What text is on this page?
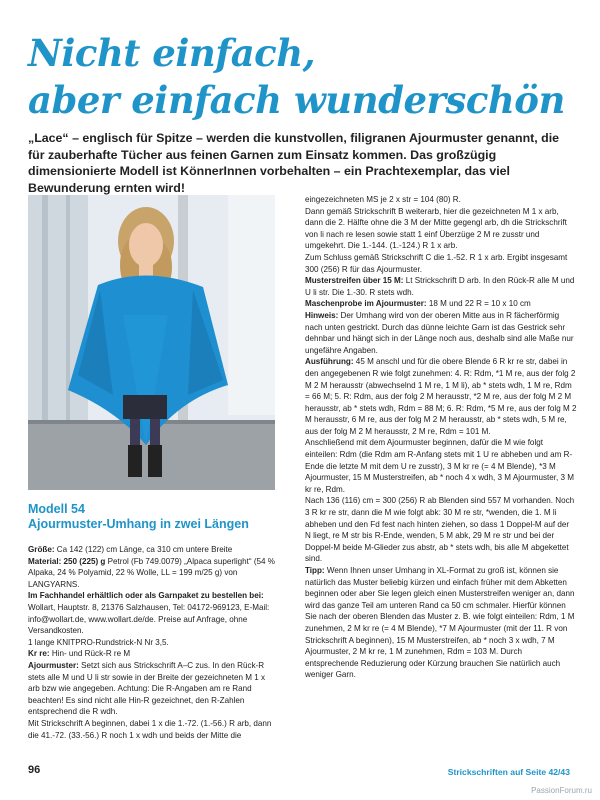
Nicht einfach,
aber einfach wunderschön
„Lace“ – englisch für Spitze – werden die kunstvollen, filigranen Ajourmuster genannt, die für zauberhafte Tücher aus feinen Garnen zum Einsatz kommen. Das großzügig dimensionierte Modell ist KönnerInnen vorbehalten – ein Prachtexemplar, das viel Bewunderung ernten wird!
Modell 54
Ajourmuster-Umhang in zwei Längen

Größe: Ca 142 (122) cm Länge, ca 310 cm untere Breite

Material: 250 (225) g Petrol (Fb 749.0079) „Alpaca superlight“ (54 % Alpaka, 24 % Polyamid, 22 % Wolle, LL = 199 m/25 g) von LANGYARNS.

Im Fachhandel erhältlich oder als Garnpaket zu bestellen bei: Wollart, Hauptstr. 8, 21376 Salzhausen, Tel: 04172-969123, E-Mail: info@wollart.de, www.wollart.de/de. Preise auf Anfrage, ohne Versandkosten.

1 lange KNITPRO-Rundstrick-N Nr 3,5.

Kr re: Hin- und Rück-R re M

Ajourmuster: Setzt sich aus Strickschrift A–C zus. In den Rück-R stets alle M und U li str sowie in der Breite der gezeichneten M 1 x arb bzw wie angegeben. Achtung: Die R-Angaben am re Rand beachten! Es sind nicht alle Hin-R gezeichnet, den R-Zahlen entsprechend die R wdh.

Mit Strickschrift A beginnen, dabei 1 x die 1.-72. (1.-56.) R arb, dann die 41.-72. (33.-56.) R noch 1 x wdh und beids der Mitte die

eingezeichneten MS je 2 x str = 104 (80) R.

Dann gemäß Strickschrift B weiterarb, hier die gezeichneten M 1 x arb, dann die 2. Hälfte ohne die 3 M der Mitte gegengl arb, dh die Strickschrift von li nach re lesen sowie statt 1 einf Überzüge 2 M re zusstr und umgekehrt. Die 1.-144. (1.-124.) R 1 x arb.

Zum Schluss gemäß Strickschrift C die 1.-52. R 1 x arb. Ergibt insgesamt 300 (256) R für das Ajourmuster.

Musterstreifen über 15 M: Lt Strickschrift D arb. In den Rück-R alle M und U li str. Die 1.-30. R stets wdh.

Maschenprobe im Ajourmuster: 18 M und 22 R = 10 x 10 cm

Hinweis: Der Umhang wird von der oberen Mitte aus in R fächerförmig nach unten gestrickt. Durch das dünne leichte Garn ist das Gestrick sehr dehnbar und hängt sich in der Länge noch aus, deshalb sind alle Maße nur ungefähre Angaben.

Ausführung: 45 M anschl und für die obere Blende 6 R kr re str, dabei in den angegebenen R wie folgt zunehmen: 4. R: Rdm, *1 M re, aus der folg 2 M 2 M herausstr (abwechselnd 1 M re, 1 M li), ab * stets wdh, 1 M re, Rdm = 66 M; 5. R: Rdm, aus der folg 2 M herausstr, *2 M re, aus der folg M 2 M herausstr, ab * stets wdh, Rdm = 88 M; 6. R: Rdm, *5 M re, aus der folg M 2 M herausstr, 6 M re, aus der folg M 2 M herausstr, ab * stets wdh, 5 M re, aus der folg M 2 M herausstr, 2 M re, Rdm = 101 M.

Anschließend mit dem Ajourmuster beginnen, dafür die M wie folgt einteilen: Rdm (die Rdm am R-Anfang stets mit 1 U re abheben und am R-Ende die letzte M mit dem U re zusstr), 3 M kr re (= 4 M Blende), *3 M Ajourmuster, 15 M Musterstreifen, ab * noch 4 x wdh, 3 M Ajourmuster, 3 M kr re, Rdm.

Nach 136 (116) cm = 300 (256) R ab Blenden sind 557 M vorhanden. Noch 3 R kr re str, dann die M wie folgt abk: 30 M re str, *wenden, die 1. M li abheben und den Fd fest nach hinten ziehen, so dass 1 Doppel-M auf der N liegt, re M str bis R-Ende, wenden, 5 M abk, 29 M re str und bei der Doppel-M beide M-Glieder zus abstr, ab * stets wdh, bis alle M abgekettet sind.

Tipp: Wenn Ihnen unser Umhang in XL-Format zu groß ist, können sie natürlich das Muster beliebig kürzen und einfach früher mit dem Abketten beginnen oder aber Sie legen gleich einen Musterstreifen weniger an, dann wird das ganze Teil am unteren Rand ca 50 cm schmaler. Hierfür können Sie nach der oberen Blenden das Muster z. B. wie folgt einteilen: Rdm, 1 M zunehmen, 2 M kr re (= 4 M Blende), *7 M Ajourmuster (mit der 11. R von Strickschrift A beginnen), 15 M Musterstreifen, ab * noch 3 x wdh, 7 M Ajourmuster, 2 M kr re, 1 M zunehmen, Rdm = 103 M. Durch entsprechende Reduzierung oder Kürzung brauchen Sie natürlich auch weniger Garn.

Strickschriften auf Seite 42/43
96
PassionForum.ru
